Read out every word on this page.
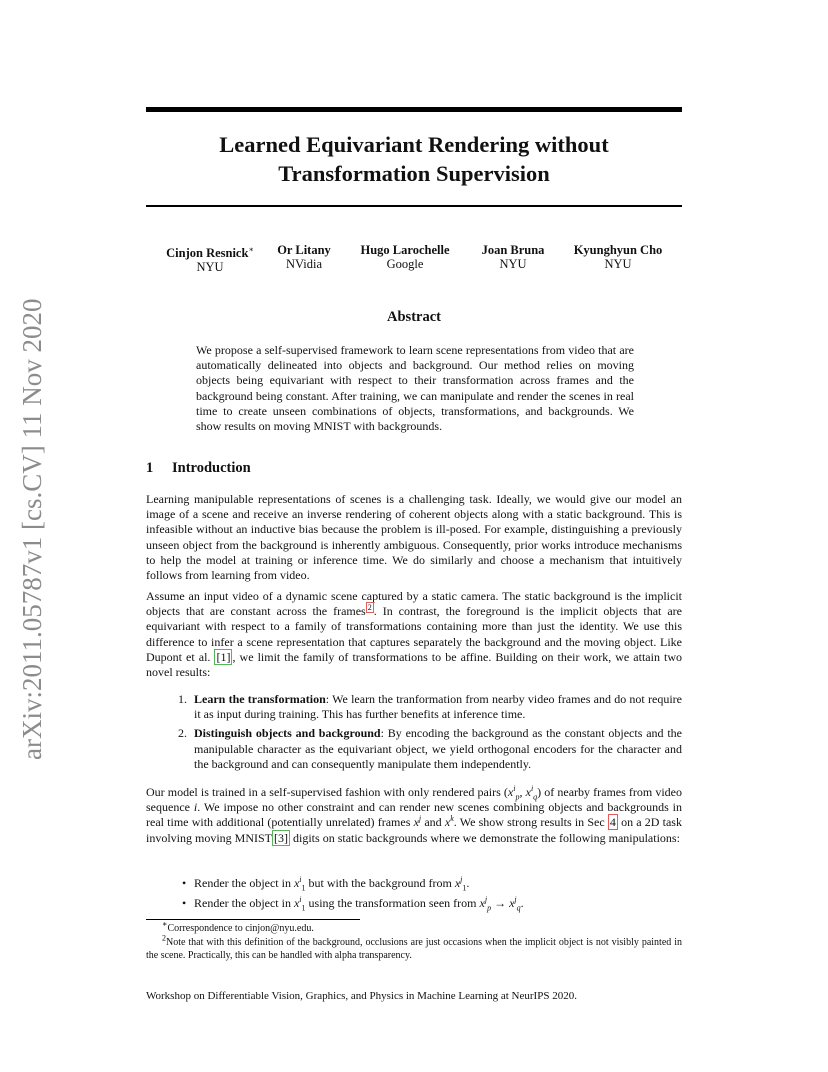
arXiv:2011.05787v1 [cs.CV] 11 Nov 2020
Learned Equivariant Rendering without
Transformation Supervision
Cinjon Resnick∗
NYU
Or Litany
NVidia
Hugo Larochelle
Google
Joan Bruna
NYU
Kyunghyun Cho
NYU
Abstract
We propose a self-supervised framework to learn scene representations from video that are automatically delineated into objects and background. Our method relies on moving objects being equivariant with respect to their transformation across frames and the background being constant. After training, we can manipulate and render the scenes in real time to create unseen combinations of objects, transformations, and backgrounds. We show results on moving MNIST with backgrounds.
1 Introduction

Learning manipulable representations of scenes is a challenging task. Ideally, we would give our model an image of a scene and receive an inverse rendering of coherent objects along with a static background. This is infeasible without an inductive bias because the problem is ill-posed. For example, distinguishing a previously unseen object from the background is inherently ambiguous. Consequently, prior works introduce mechanisms to help the model at training or inference time. We do similarly and choose a mechanism that intuitively follows from learning from video.

Assume an input video of a dynamic scene captured by a static camera. The static background is the implicit objects that are constant across the frames $^2$ . In contrast, the foreground is the implicit objects that are equivariant with respect to a family of transformations containing more than just the identity. We use this difference to infer a scene representation that captures separately the background and the moving object. Like Dupont et al. [1] , we limit the family of transformations to be affine. Building on their work, we attain two novel results:

1. Learn the transformation: We learn the tranformation from nearby video frames and do not require it as input during training. This has further benefits at inference time.
2. Distinguish objects and background: By encoding the background as the constant objects and the manipulable character as the equivariant object, we yield orthogonal encoders for the character and the background and can consequently manipulate them independently.

Our model is trained in a self-supervised fashion with only rendered pairs ($x^i_p$, $x^i_q$) of nearby frames from video sequence i. We impose no other constraint and can render new scenes combining objects and backgrounds in real time with additional (potentially unrelated) frames $x^j$ and $x^k$. We show strong results in Sec 4 on a 2D task involving moving MNIST [3] digits on static backgrounds where we demonstrate the following manipulations:

• Render the object in $x^i_1$ but with the background from $x^j_1$.
• Render the object in $x^i_1$ using the transformation seen from $x^j_p \to x^j_q$.
∗Correspondence to cinjon@nyu.edu.
$^2$Note that with this definition of the background, occlusions are just occasions when the implicit object is not visibly painted in the scene. Practically, this can be handled with alpha transparency.
Workshop on Differentiable Vision, Graphics, and Physics in Machine Learning at NeurIPS 2020.
